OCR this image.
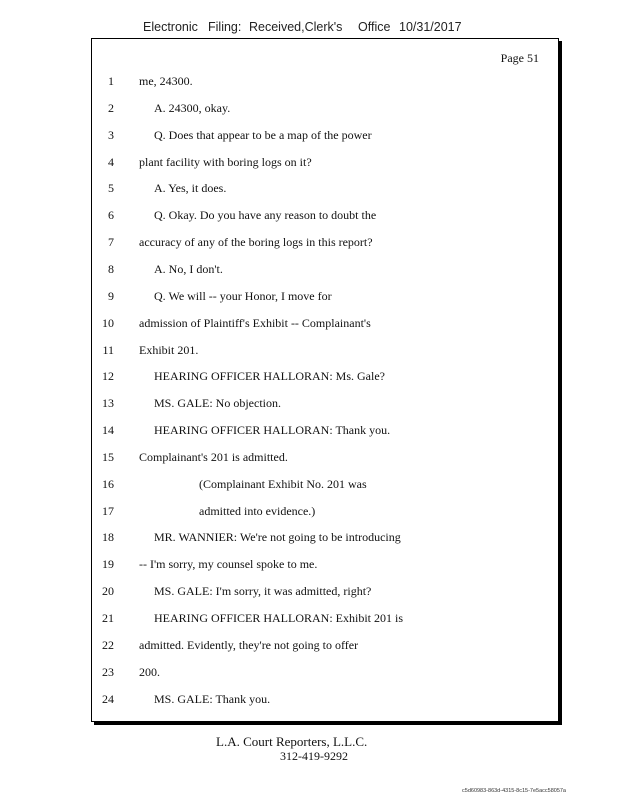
Electronic Filing: Received,Clerk's Office 10/31/2017
Page 51
1 me, 24300.
2	A. 24300, okay.
3	Q. Does that appear to be a map of the power
4 plant facility with boring logs on it?
5	A. Yes, it does.
6	Q. Okay. Do you have any reason to doubt the
7 accuracy of any of the boring logs in this report?
8	A. No, I don't.
9	Q. We will -- your Honor, I move for
10 admission of Plaintiff's Exhibit -- Complainant's
11 Exhibit 201.
12	HEARING OFFICER HALLORAN: Ms. Gale?
13	MS. GALE: No objection.
14	HEARING OFFICER HALLORAN: Thank you.
15 Complainant's 201 is admitted.
16	(Complainant Exhibit No. 201 was
17	admitted into evidence.)
18	MR. WANNIER: We're not going to be introducing
19 -- I'm sorry, my counsel spoke to me.
20	MS. GALE: I'm sorry, it was admitted, right?
21	HEARING OFFICER HALLORAN: Exhibit 201 is
22 admitted. Evidently, they're not going to offer
23 200.
24	MS. GALE: Thank you.
L.A. Court Reporters, L.L.C.
312-419-9292
c5d60983-863d-4315-8c15-7e5acc58057a
